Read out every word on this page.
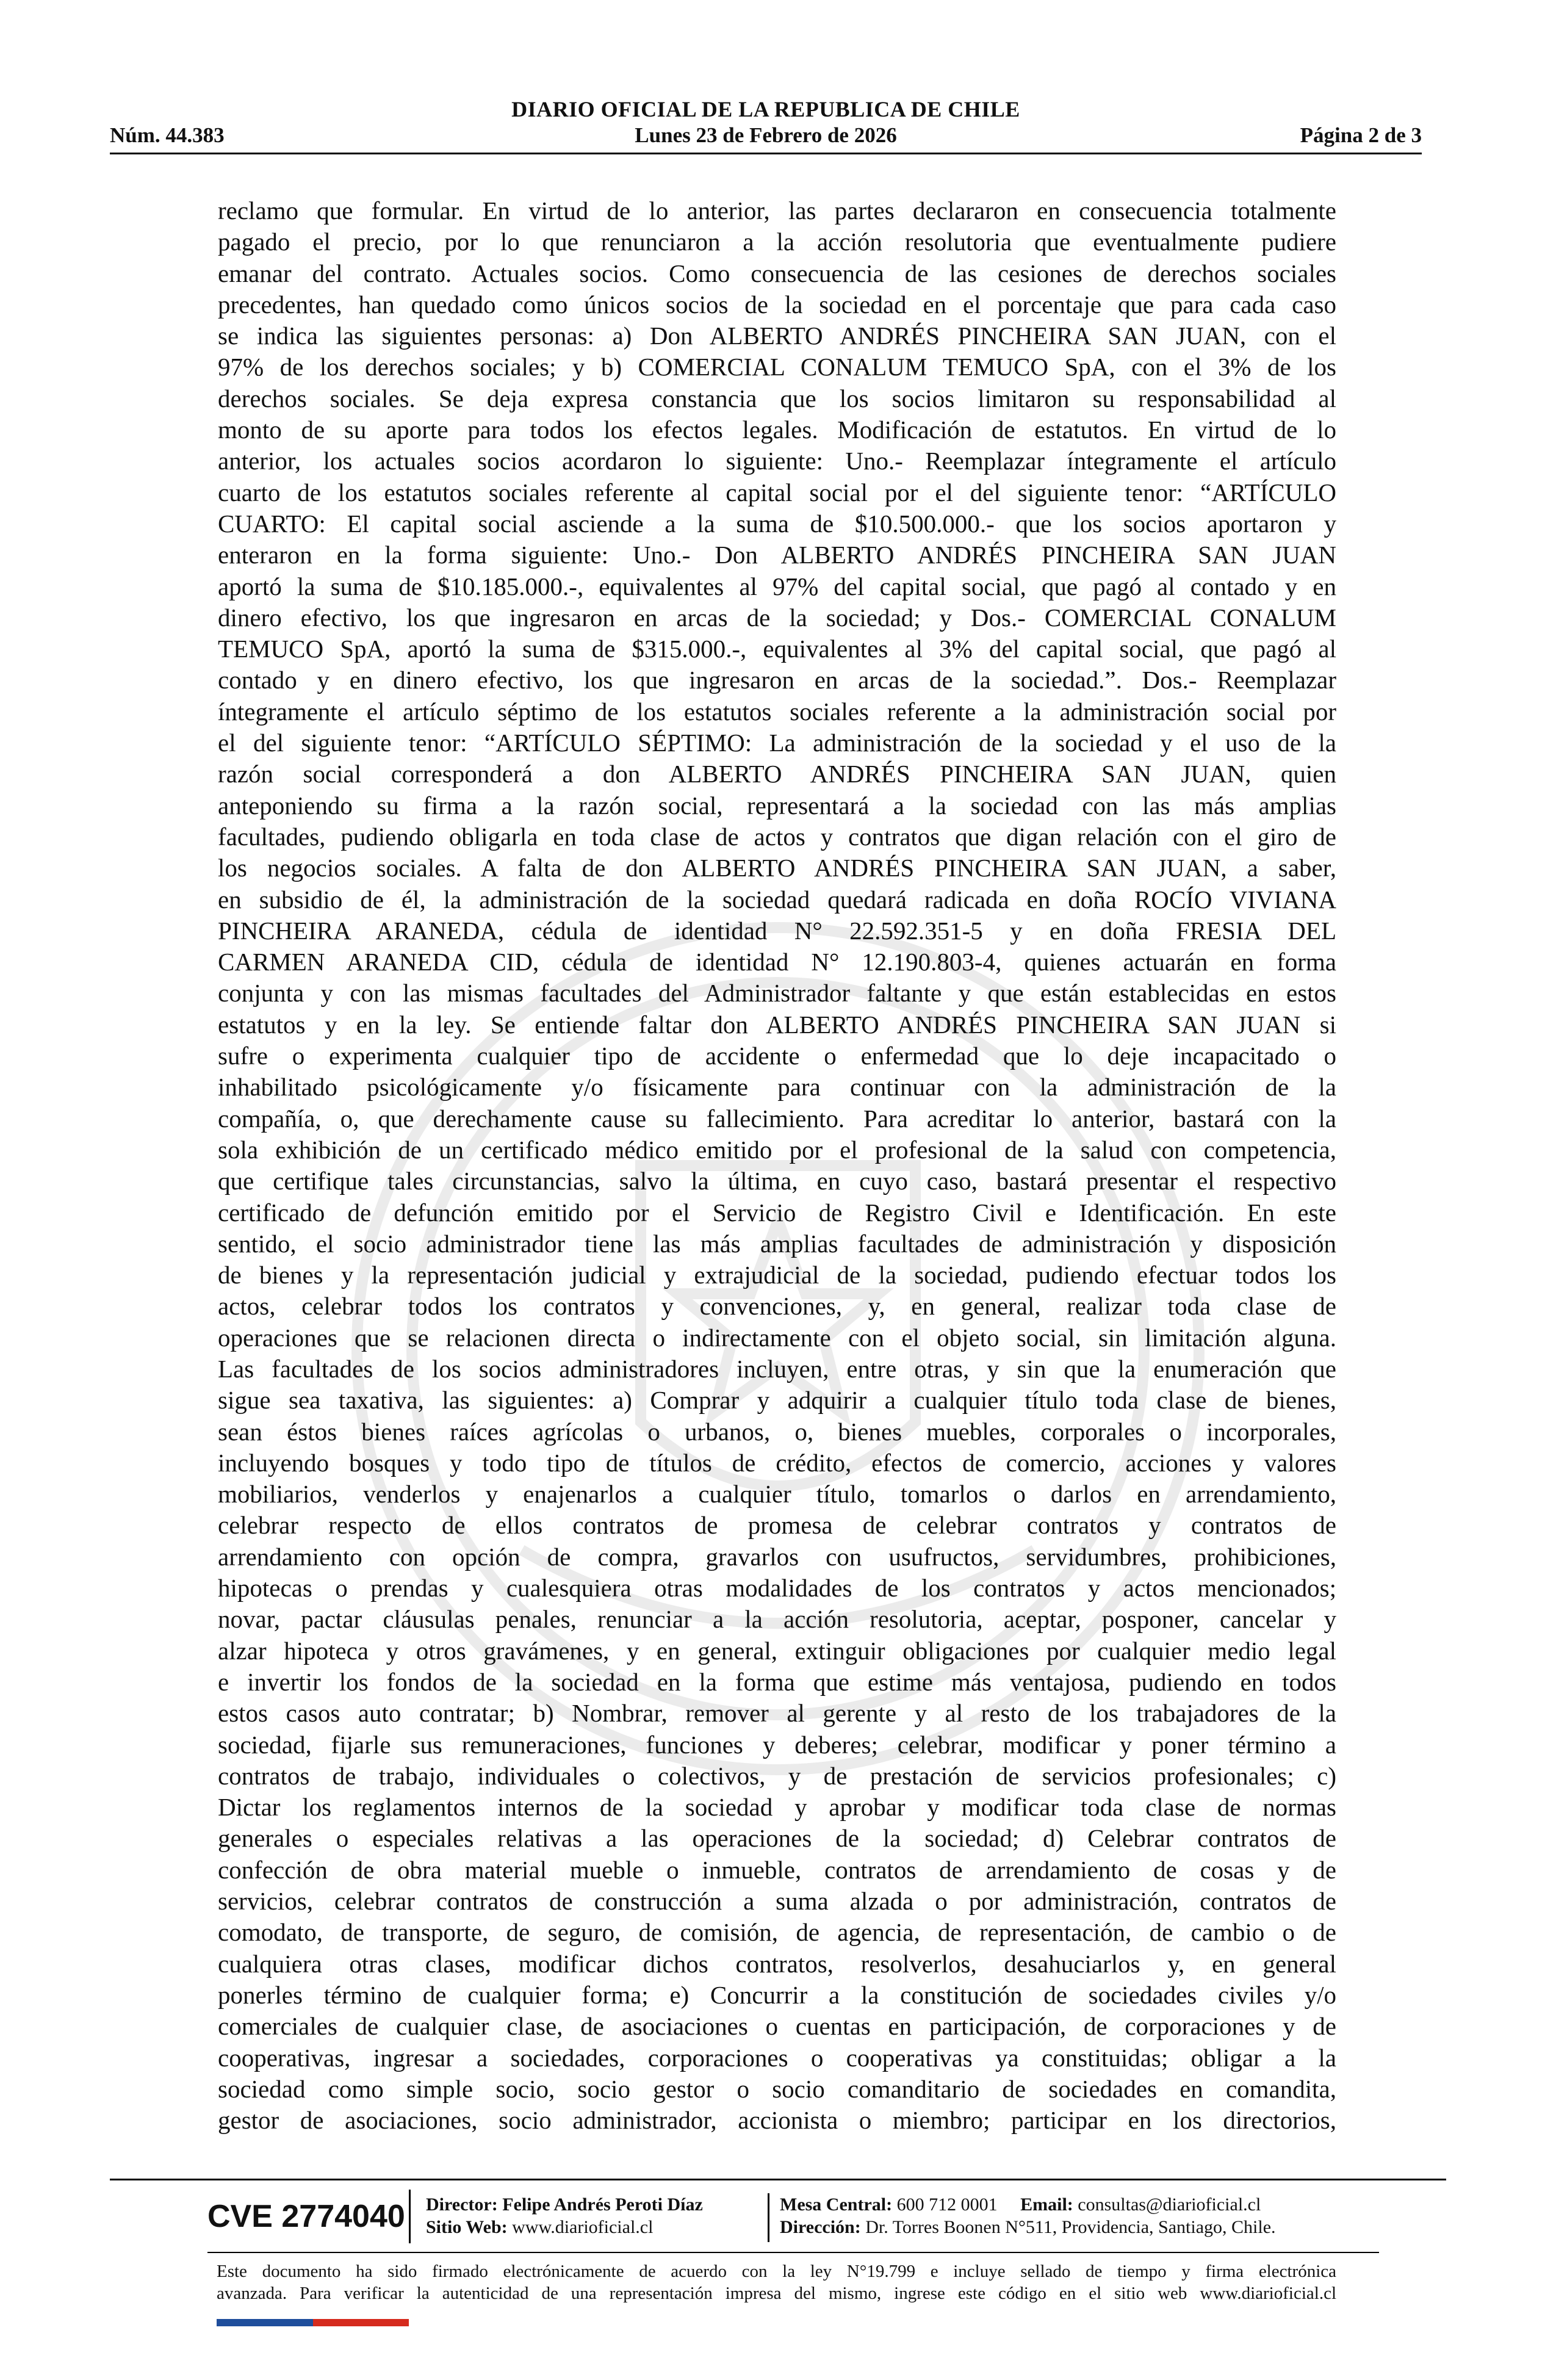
DIARIO OFICIAL DE LA REPUBLICA DE CHILE
Núm. 44.383	Lunes 23 de Febrero de 2026	Página 2 de 3

reclamo que formular. En virtud de lo anterior, las partes declararon en consecuencia totalmente

pagado el precio, por lo que renunciaron a la acción resolutoria que eventualmente pudiere

emanar del contrato. Actuales socios. Como consecuencia de las cesiones de derechos sociales

precedentes, han quedado como únicos socios de la sociedad en el porcentaje que para cada caso

se indica las siguientes personas: a) Don ALBERTO ANDRÉS PINCHEIRA SAN JUAN, con el

97% de los derechos sociales; y b) COMERCIAL CONALUM TEMUCO SpA, con el 3% de los

derechos sociales. Se deja expresa constancia que los socios limitaron su responsabilidad al

monto de su aporte para todos los efectos legales. Modificación de estatutos. En virtud de lo

anterior, los actuales socios acordaron lo siguiente: Uno.- Reemplazar íntegramente el artículo

cuarto de los estatutos sociales referente al capital social por el del siguiente tenor: “ARTÍCULO

CUARTO: El capital social asciende a la suma de $10.500.000.- que los socios aportaron y

enteraron en la forma siguiente: Uno.- Don ALBERTO ANDRÉS PINCHEIRA SAN JUAN

aportó la suma de $10.185.000.-, equivalentes al 97% del capital social, que pagó al contado y en

dinero efectivo, los que ingresaron en arcas de la sociedad; y Dos.- COMERCIAL CONALUM

TEMUCO SpA, aportó la suma de $315.000.-, equivalentes al 3% del capital social, que pagó al

contado y en dinero efectivo, los que ingresaron en arcas de la sociedad.”. Dos.- Reemplazar

íntegramente el artículo séptimo de los estatutos sociales referente a la administración social por

el del siguiente tenor: “ARTÍCULO SÉPTIMO: La administración de la sociedad y el uso de la

razón social corresponderá a don ALBERTO ANDRÉS PINCHEIRA SAN JUAN, quien

anteponiendo su firma a la razón social, representará a la sociedad con las más amplias

facultades, pudiendo obligarla en toda clase de actos y contratos que digan relación con el giro de

los negocios sociales. A falta de don ALBERTO ANDRÉS PINCHEIRA SAN JUAN, a saber,

en subsidio de él, la administración de la sociedad quedará radicada en doña ROCÍO VIVIANA

PINCHEIRA ARANEDA, cédula de identidad N° 22.592.351-5 y en doña FRESIA DEL

CARMEN ARANEDA CID, cédula de identidad N° 12.190.803-4, quienes actuarán en forma

conjunta y con las mismas facultades del Administrador faltante y que están establecidas en estos

estatutos y en la ley. Se entiende faltar don ALBERTO ANDRÉS PINCHEIRA SAN JUAN si

sufre o experimenta cualquier tipo de accidente o enfermedad que lo deje incapacitado o

inhabilitado psicológicamente y/o físicamente para continuar con la administración de la

compañía, o, que derechamente cause su fallecimiento. Para acreditar lo anterior, bastará con la

sola exhibición de un certificado médico emitido por el profesional de la salud con competencia,

que certifique tales circunstancias, salvo la última, en cuyo caso, bastará presentar el respectivo

certificado de defunción emitido por el Servicio de Registro Civil e Identificación. En este

sentido, el socio administrador tiene las más amplias facultades de administración y disposición

de bienes y la representación judicial y extrajudicial de la sociedad, pudiendo efectuar todos los

actos, celebrar todos los contratos y convenciones, y, en general, realizar toda clase de

operaciones que se relacionen directa o indirectamente con el objeto social, sin limitación alguna.

Las facultades de los socios administradores incluyen, entre otras, y sin que la enumeración que

sigue sea taxativa, las siguientes: a) Comprar y adquirir a cualquier título toda clase de bienes,

sean éstos bienes raíces agrícolas o urbanos, o, bienes muebles, corporales o incorporales,

incluyendo bosques y todo tipo de títulos de crédito, efectos de comercio, acciones y valores

mobiliarios, venderlos y enajenarlos a cualquier título, tomarlos o darlos en arrendamiento,

celebrar respecto de ellos contratos de promesa de celebrar contratos y contratos de

arrendamiento con opción de compra, gravarlos con usufructos, servidumbres, prohibiciones,

hipotecas o prendas y cualesquiera otras modalidades de los contratos y actos mencionados;

novar, pactar cláusulas penales, renunciar a la acción resolutoria, aceptar, posponer, cancelar y

alzar hipoteca y otros gravámenes, y en general, extinguir obligaciones por cualquier medio legal

e invertir los fondos de la sociedad en la forma que estime más ventajosa, pudiendo en todos

estos casos auto contratar; b) Nombrar, remover al gerente y al resto de los trabajadores de la

sociedad, fijarle sus remuneraciones, funciones y deberes; celebrar, modificar y poner término a

contratos de trabajo, individuales o colectivos, y de prestación de servicios profesionales; c)

Dictar los reglamentos internos de la sociedad y aprobar y modificar toda clase de normas

generales o especiales relativas a las operaciones de la sociedad; d) Celebrar contratos de

confección de obra material mueble o inmueble, contratos de arrendamiento de cosas y de

servicios, celebrar contratos de construcción a suma alzada o por administración, contratos de

comodato, de transporte, de seguro, de comisión, de agencia, de representación, de cambio o de

cualquiera otras clases, modificar dichos contratos, resolverlos, desahuciarlos y, en general

ponerles término de cualquier forma; e) Concurrir a la constitución de sociedades civiles y/o

comerciales de cualquier clase, de asociaciones o cuentas en participación, de corporaciones y de

cooperativas, ingresar a sociedades, corporaciones o cooperativas ya constituidas; obligar a la

sociedad como simple socio, socio gestor o socio comanditario de sociedades en comandita,

gestor de asociaciones, socio administrador, accionista o miembro; participar en los directorios,

CVE 2774040	Director: Felipe Andrés Peroti Díaz
Sitio Web: www.diarioficial.cl
Mesa Central: 600 712 0001 Email: consultas@diarioficial.cl
Dirección: Dr. Torres Boonen N°511, Providencia, Santiago, Chile.
Este documento ha sido firmado electrónicamente de acuerdo con la ley N°19.799 e incluye sellado de tiempo y firma electrónica
avanzada. Para verificar la autenticidad de una representación impresa del mismo, ingrese este código en el sitio web www.diarioficial.cl
